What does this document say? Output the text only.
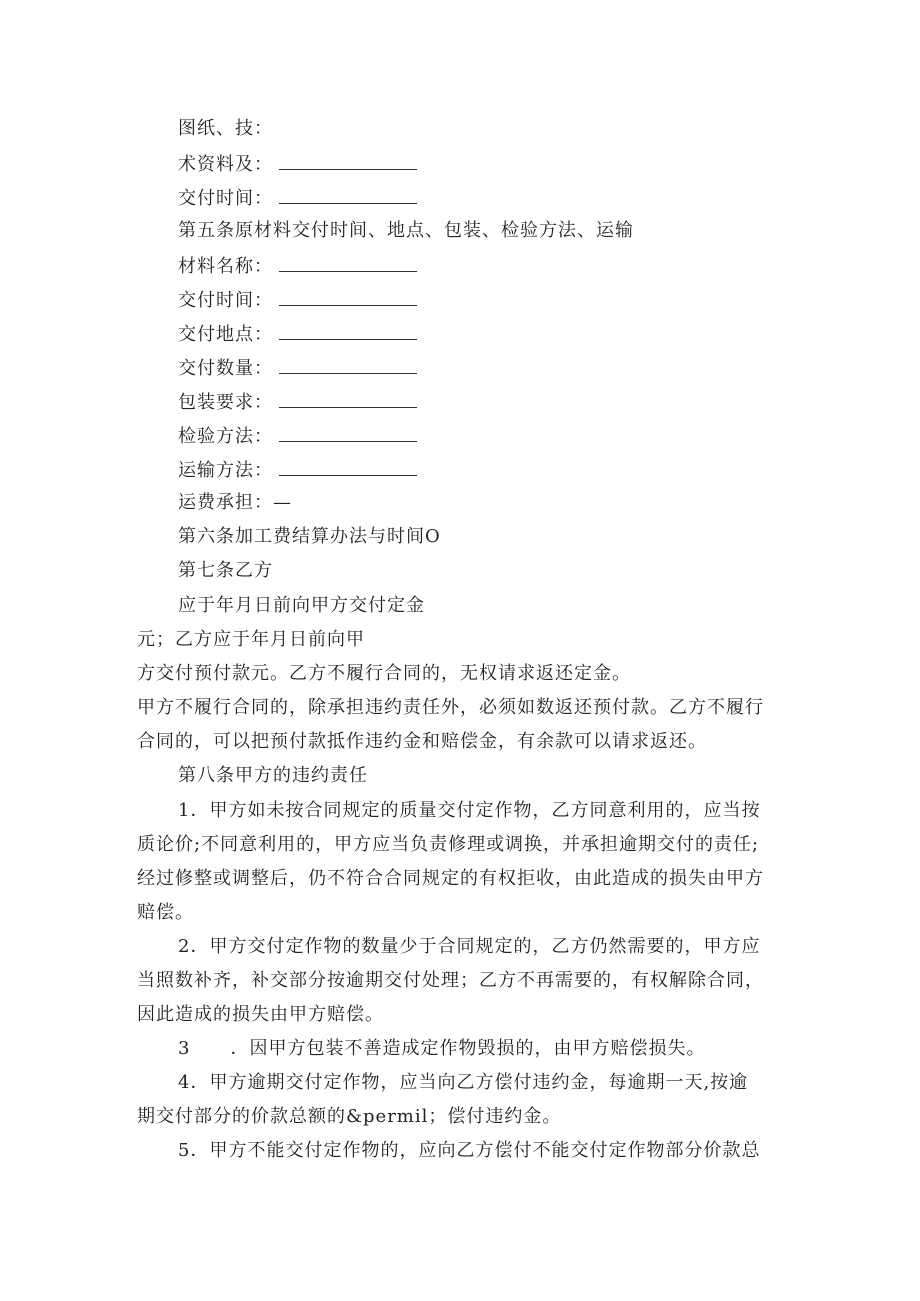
图纸、技：
术资料及：
交付时间：
第五条原材料交付时间、地点、包装、检验方法、运输
材料名称：
交付时间：
交付地点：
交付数量：
包装要求：
检验方法：
运输方法：
运费承担：—
第六条加工费结算办法与时间O
第七条乙方
应于年月日前向甲方交付定金
元；乙方应于年月日前向甲
方交付预付款元。乙方不履行合同的，无权请求返还定金。
甲方不履行合同的，除承担违约责任外，必须如数返还预付款。乙方不履行
合同的，可以把预付款抵作违约金和赔偿金，有余款可以请求返还。
第八条甲方的违约责任
1．甲方如未按合同规定的质量交付定作物，乙方同意利用的，应当按
质论价;不同意利用的，甲方应当负责修理或调换，并承担逾期交付的责任;
经过修整或调整后，仍不符合合同规定的有权拒收，由此造成的损失由甲方
赔偿。
2．甲方交付定作物的数量少于合同规定的，乙方仍然需要的，甲方应
当照数补齐，补交部分按逾期交付处理；乙方不再需要的，有权解除合同，
因此造成的损失由甲方赔偿。
3 ．因甲方包装不善造成定作物毁损的，由甲方赔偿损失。
4．甲方逾期交付定作物，应当向乙方偿付违约金，每逾期一天,按逾
期交付部分的价款总额的&permil；偿付违约金。
5．甲方不能交付定作物的，应向乙方偿付不能交付定作物部分价款总
